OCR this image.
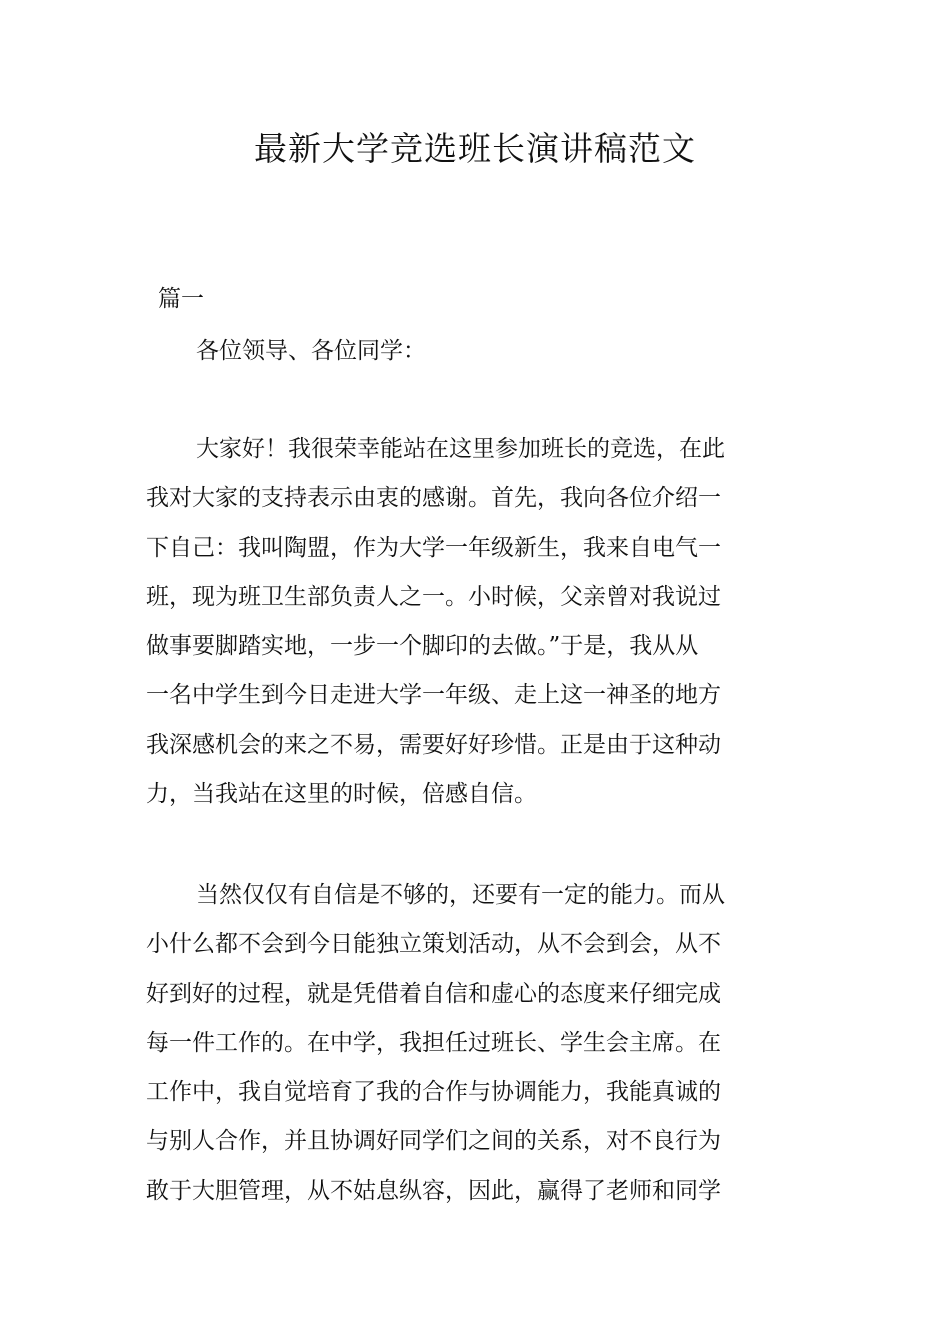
最新大学竞选班长演讲稿范文

篇一

各位领导、各位同学：

大家好！我很荣幸能站在这里参加班长的竞选，在此
我对大家的支持表示由衷的感谢。首先，我向各位介绍一
下自己：我叫陶盟，作为大学一年级新生，我来自电气一
班，现为班卫生部负责人之一。小时候，父亲曾对我说过
做事要脚踏实地，一步一个脚印的去做。”于是，我从从
一名中学生到今日走进大学一年级、走上这一神圣的地方
我深感机会的来之不易，需要好好珍惜。正是由于这种动
力，当我站在这里的时候，倍感自信。
当然仅仅有自信是不够的，还要有一定的能力。而从
小什么都不会到今日能独立策划活动，从不会到会，从不
好到好的过程，就是凭借着自信和虚心的态度来仔细完成
每一件工作的。在中学，我担任过班长、学生会主席。在
工作中，我自觉培育了我的合作与协调能力，我能真诚的
与别人合作，并且协调好同学们之间的关系，对不良行为
敢于大胆管理，从不姑息纵容，因此，赢得了老师和同学
